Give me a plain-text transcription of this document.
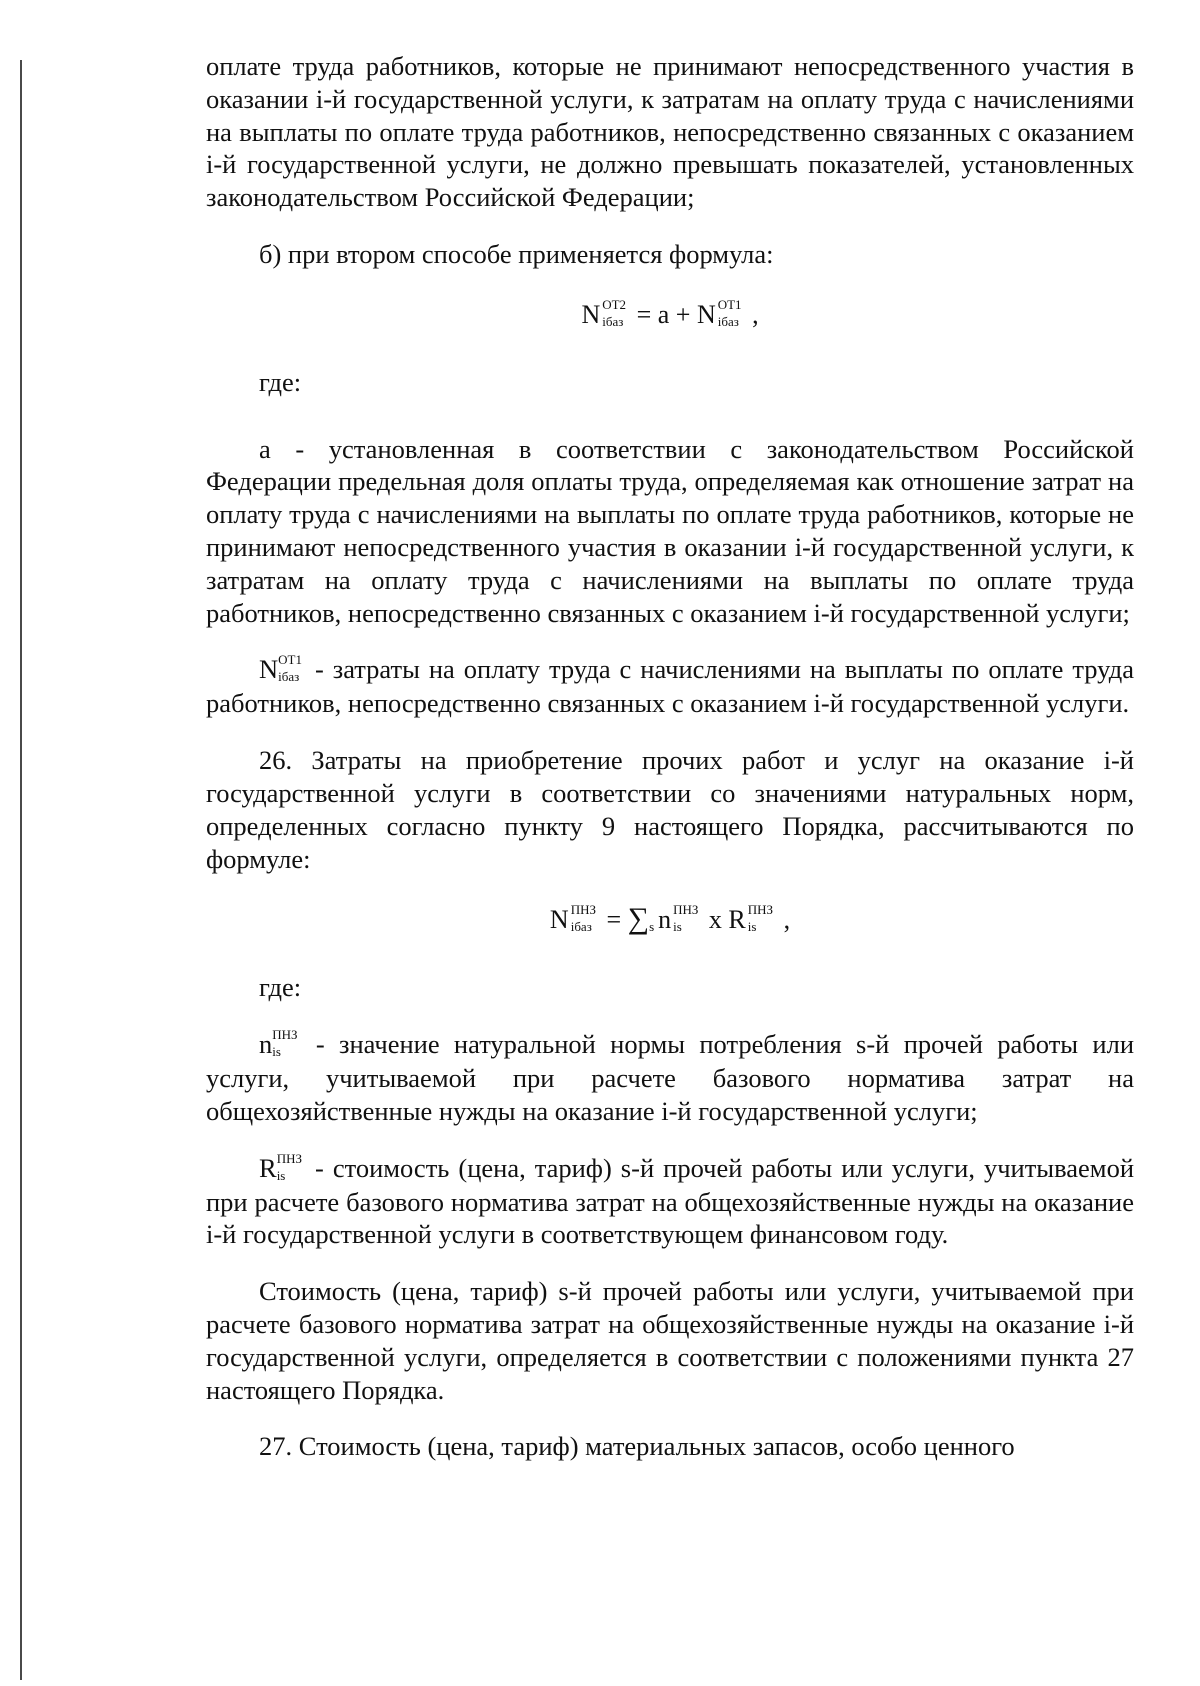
оплате труда работников, которые не принимают непосредственного участия в оказании i-й государственной услуги, к затратам на оплату труда с начислениями на выплаты по оплате труда работников, непосредственно связанных с оказанием i-й государственной услуги, не должно превышать показателей, установленных законодательством Российской Федерации;

б) при втором способе применяется формула:

N ОТ2
iбаз = a + N ОТ1
iбаз ,

где:

а - установленная в соответствии с законодательством Российской Федерации предельная доля оплаты труда, определяемая как отношение затрат на оплату труда с начислениями на выплаты по оплате труда работников, которые не принимают непосредственного участия в оказании i-й государственной услуги, к затратам на оплату труда с начислениями на выплаты по оплате труда работников, непосредственно связанных с оказанием i-й государственной услуги;

N ОТ1
iбаз - затраты на оплату труда с начислениями на выплаты по оплате труда работников, непосредственно связанных с оказанием i-й государственной услуги.

26. Затраты на приобретение прочих работ и услуг на оказание i-й государственной услуги в соответствии со значениями натуральных норм, определенных согласно пункту 9 настоящего Порядка, рассчитываются по формуле:

N ПНЗ
iбаз = ∑
s n ПНЗ
is x R ПНЗ
is ,

где:

n ПНЗ
is - значение натуральной нормы потребления s-й прочей работы или услуги, учитываемой при расчете базового норматива затрат на общехозяйственные нужды на оказание i-й государственной услуги;

R ПНЗ
is - стоимость (цена, тариф) s-й прочей работы или услуги, учитываемой при расчете базового норматива затрат на общехозяйственные нужды на оказание i-й государственной услуги в соответствующем финансовом году.

Стоимость (цена, тариф) s-й прочей работы или услуги, учитываемой при расчете базового норматива затрат на общехозяйственные нужды на оказание i-й государственной услуги, определяется в соответствии с положениями пункта 27 настоящего Порядка.

27. Стоимость (цена, тариф) материальных запасов, особо ценного
